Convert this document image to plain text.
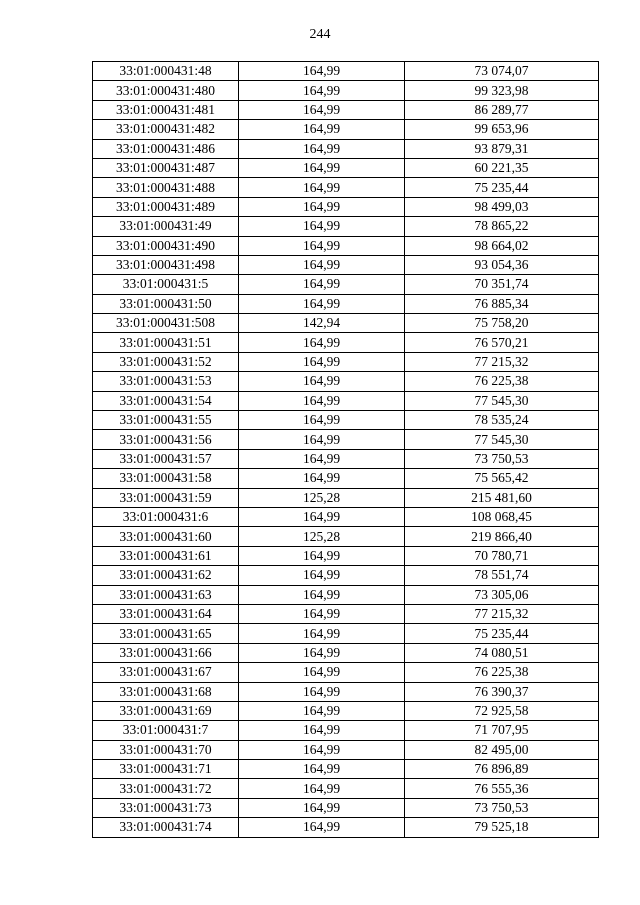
244
33:01:000431:48	164,99	73 074,07
33:01:000431:480	164,99	99 323,98
33:01:000431:481	164,99	86 289,77
33:01:000431:482	164,99	99 653,96
33:01:000431:486	164,99	93 879,31
33:01:000431:487	164,99	60 221,35
33:01:000431:488	164,99	75 235,44
33:01:000431:489	164,99	98 499,03
33:01:000431:49	164,99	78 865,22
33:01:000431:490	164,99	98 664,02
33:01:000431:498	164,99	93 054,36
33:01:000431:5	164,99	70 351,74
33:01:000431:50	164,99	76 885,34
33:01:000431:508	142,94	75 758,20
33:01:000431:51	164,99	76 570,21
33:01:000431:52	164,99	77 215,32
33:01:000431:53	164,99	76 225,38
33:01:000431:54	164,99	77 545,30
33:01:000431:55	164,99	78 535,24
33:01:000431:56	164,99	77 545,30
33:01:000431:57	164,99	73 750,53
33:01:000431:58	164,99	75 565,42
33:01:000431:59	125,28	215 481,60
33:01:000431:6	164,99	108 068,45
33:01:000431:60	125,28	219 866,40
33:01:000431:61	164,99	70 780,71
33:01:000431:62	164,99	78 551,74
33:01:000431:63	164,99	73 305,06
33:01:000431:64	164,99	77 215,32
33:01:000431:65	164,99	75 235,44
33:01:000431:66	164,99	74 080,51
33:01:000431:67	164,99	76 225,38
33:01:000431:68	164,99	76 390,37
33:01:000431:69	164,99	72 925,58
33:01:000431:7	164,99	71 707,95
33:01:000431:70	164,99	82 495,00
33:01:000431:71	164,99	76 896,89
33:01:000431:72	164,99	76 555,36
33:01:000431:73	164,99	73 750,53
33:01:000431:74	164,99	79 525,18
